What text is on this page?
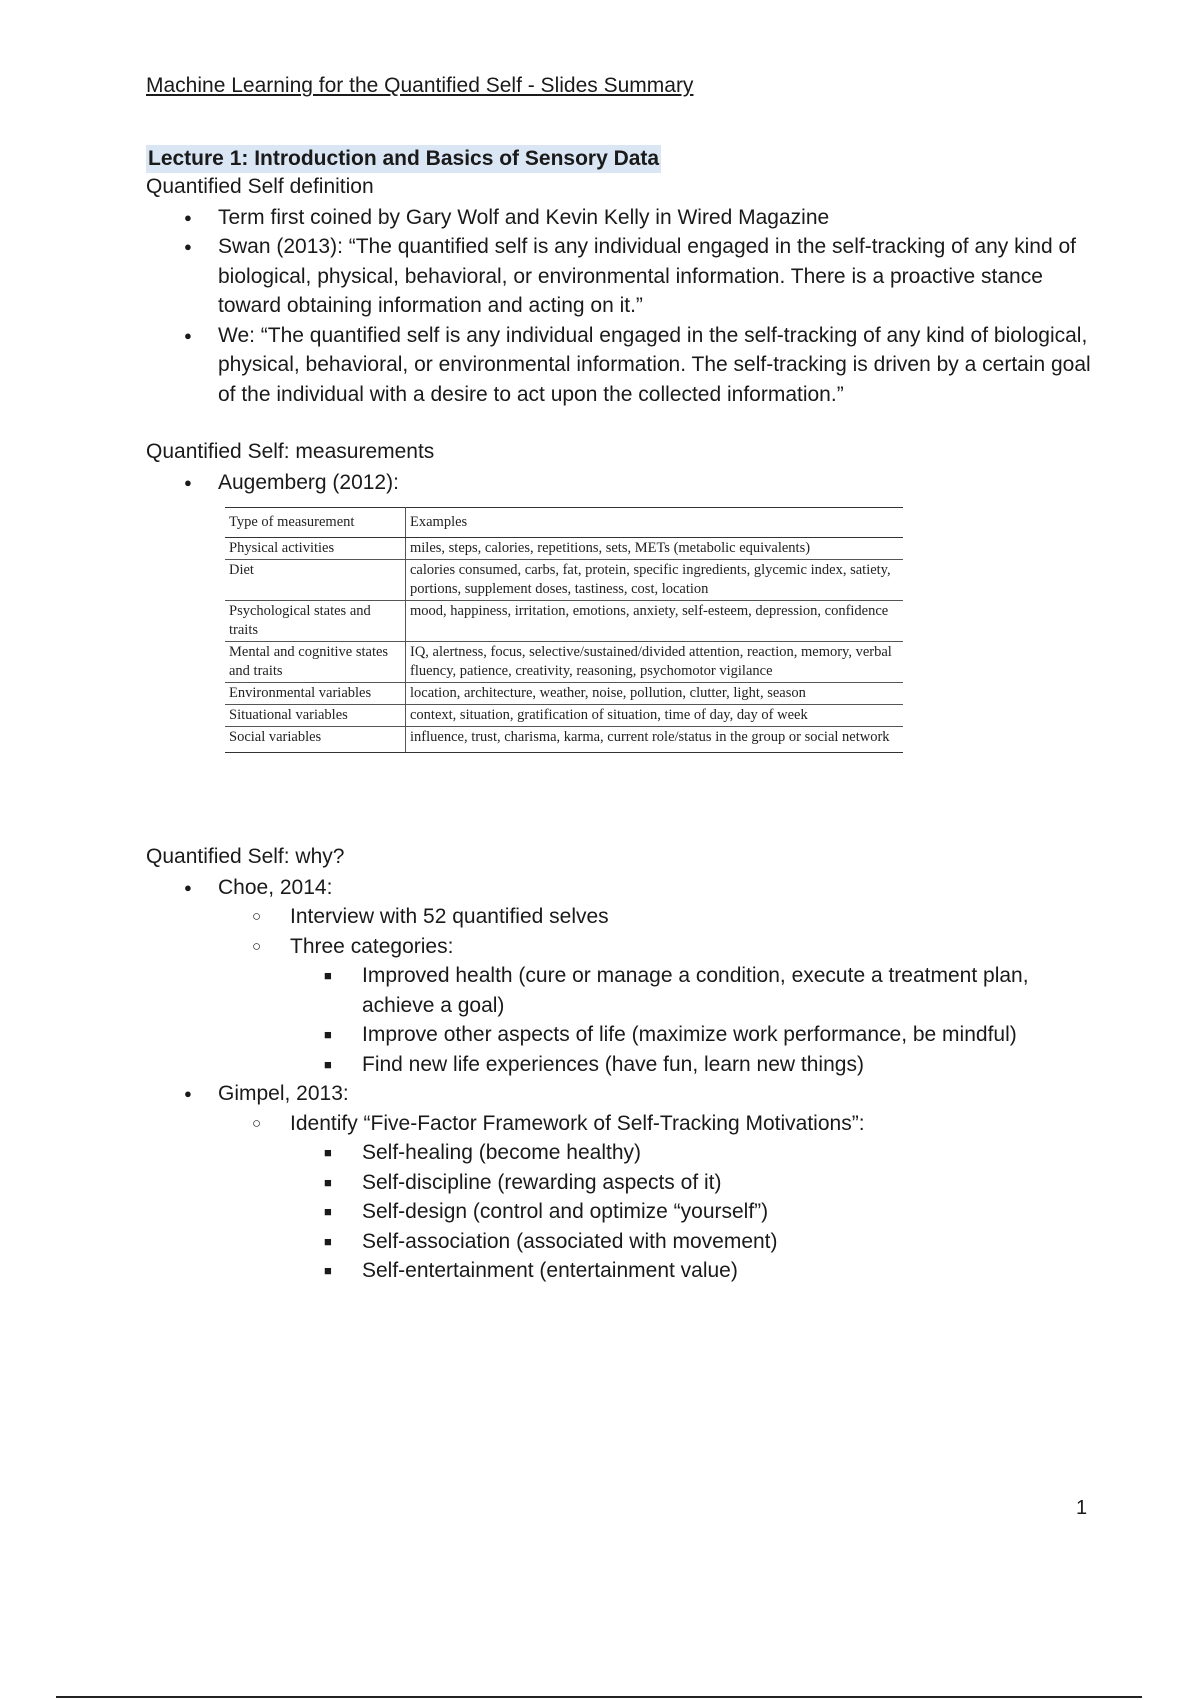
Machine Learning for the Quantified Self - Slides Summary
Lecture 1: Introduction and Basics of Sensory Data

Quantified Self definition

● Term first coined by Gary Wolf and Kevin Kelly in Wired Magazine
● Swan (2013): “The quantified self is any individual engaged in the self-tracking of any kind of biological, physical, behavioral, or environmental information. There is a proactive stance toward obtaining information and acting on it.”
● We: “The quantified self is any individual engaged in the self-tracking of any kind of biological, physical, behavioral, or environmental information. The self-tracking is driven by a certain goal of the individual with a desire to act upon the collected information.”

Quantified Self: measurements

● Augemberg (2012):
Type of measurement	Examples
Physical activities	miles, steps, calories, repetitions, sets, METs (metabolic equivalents)
Diet	calories consumed, carbs, fat, protein, specific ingredients, glycemic index, satiety, portions, supplement doses, tastiness, cost, location
Psychological states and traits	mood, happiness, irritation, emotions, anxiety, self-esteem, depression, confidence
Mental and cognitive states and traits	IQ, alertness, focus, selective/sustained/divided attention, reaction, memory, verbal fluency, patience, creativity, reasoning, psychomotor vigilance
Environmental variables	location, architecture, weather, noise, pollution, clutter, light, season
Situational variables	context, situation, gratification of situation, time of day, day of week
Social variables	influence, trust, charisma, karma, current role/status in the group or social network

Quantified Self: why?

● Choe, 2014:
○ Interview with 52 quantified selves
○ Three categories:
■ Improved health (cure or manage a condition, execute a treatment plan, achieve a goal)
■ Improve other aspects of life (maximize work performance, be mindful)
■ Find new life experiences (have fun, learn new things)
● Gimpel, 2013:
○ Identify “Five-Factor Framework of Self-Tracking Motivations”:
■ Self-healing (become healthy)
■ Self-discipline (rewarding aspects of it)
■ Self-design (control and optimize “yourself”)
■ Self-association (associated with movement)
■ Self-entertainment (entertainment value)
1
